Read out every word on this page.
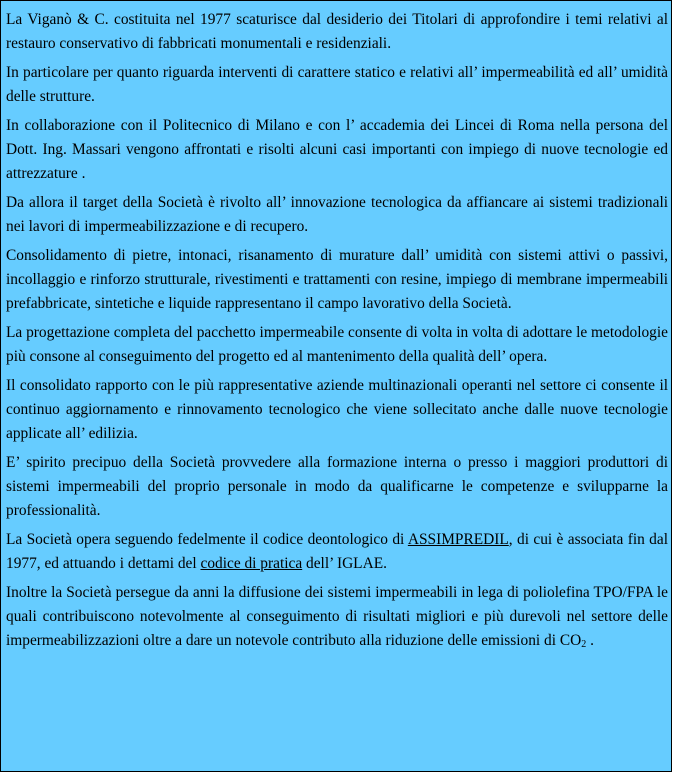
La Viganò & C. costituita nel 1977 scaturisce dal desiderio dei Titolari di approfondire i temi relativi al restauro conservativo di fabbricati monumentali e residenziali.

In particolare per quanto riguarda interventi di carattere statico e relativi all’ impermeabilità ed all’ umidità delle strutture.

In collaborazione con il Politecnico di Milano e con l’ accademia dei Lincei di Roma nella persona del Dott. Ing. Massari vengono affrontati e risolti alcuni casi importanti con impiego di nuove tecnologie ed attrezzature .

Da allora il target della Società è rivolto all’ innovazione tecnologica da affiancare ai sistemi tradizionali nei lavori di impermeabilizzazione e di recupero.

Consolidamento di pietre, intonaci, risanamento di murature dall’ umidità con sistemi attivi o passivi, incollaggio e rinforzo strutturale, rivestimenti e trattamenti con resine, impiego di membrane impermeabili prefabbricate, sintetiche e liquide rappresentano il campo lavorativo della Società.

La progettazione completa del pacchetto impermeabile consente di volta in volta di adottare le metodologie più consone al conseguimento del progetto ed al mantenimento della qualità dell’ opera.

Il consolidato rapporto con le più rappresentative aziende multinazionali operanti nel settore ci consente il continuo aggiornamento e rinnovamento tecnologico che viene sollecitato anche dalle nuove tecnologie applicate all’ edilizia.

E’ spirito precipuo della Società provvedere alla formazione interna o presso i maggiori produttori di sistemi impermeabili del proprio personale in modo da qualificarne le competenze e svilupparne la professionalità.

La Società opera seguendo fedelmente il codice deontologico di ASSIMPREDIL, di cui è associata fin dal 1977, ed attuando i dettami del codice di pratica dell’ IGLAE.

Inoltre la Società persegue da anni la diffusione dei sistemi impermeabili in lega di poliolefina TPO/FPA le quali contribuiscono notevolmente al conseguimento di risultati migliori e più durevoli nel settore delle impermeabilizzazioni oltre a dare un notevole contributo alla riduzione delle emissioni di $CO_2$ .
